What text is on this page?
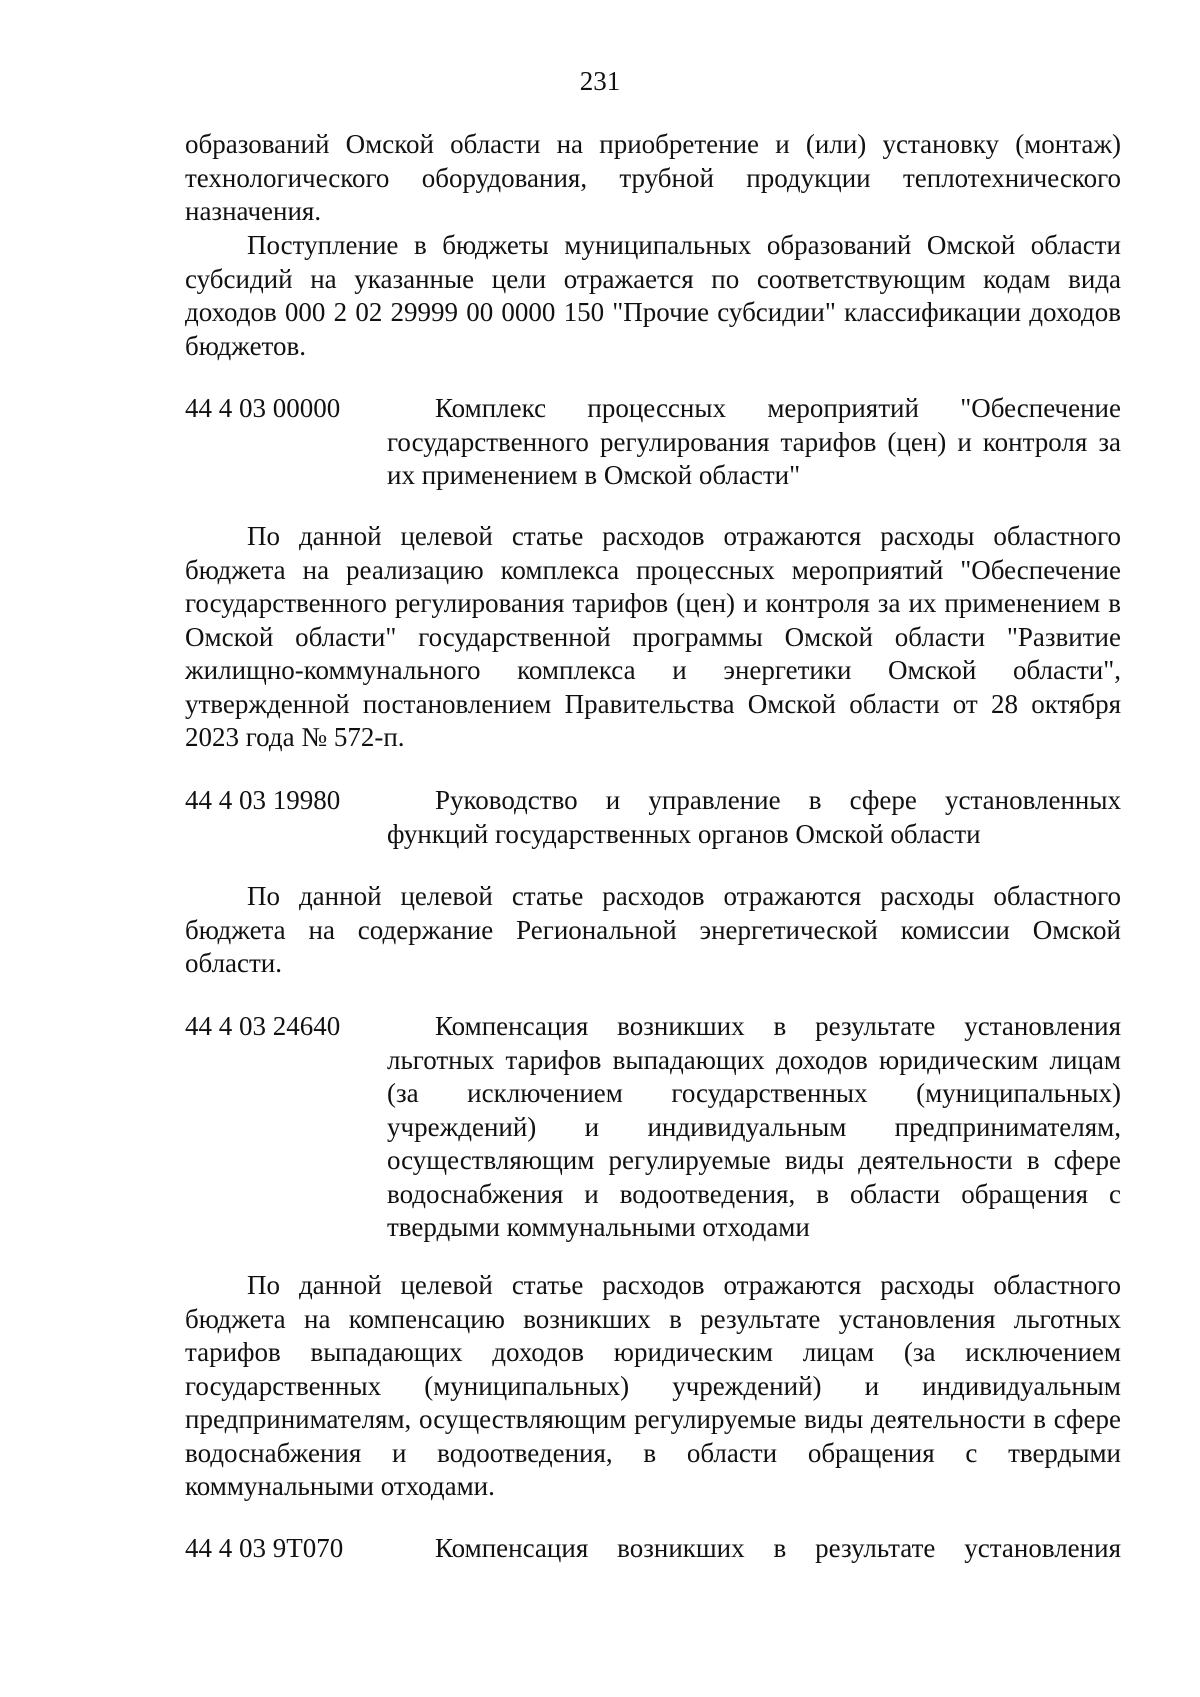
231
образований Омской области на приобретение и (или) установку (монтаж) технологического оборудования, трубной продукции теплотехнического назначения.
Поступление в бюджеты муниципальных образований Омской области субсидий на указанные цели отражается по соответствующим кодам вида доходов 000 2 02 29999 00 0000 150 "Прочие субсидии" классификации доходов бюджетов.
44 4 03 00000	Комплекс процессных мероприятий "Обеспечение государственного регулирования тарифов (цен) и контроля за их применением в Омской области"
По данной целевой статье расходов отражаются расходы областного бюджета на реализацию комплекса процессных мероприятий "Обеспечение государственного регулирования тарифов (цен) и контроля за их применением в Омской области" государственной программы Омской области "Развитие жилищно-коммунального комплекса и энергетики Омской области", утвержденной постановлением Правительства Омской области от 28 октября 2023 года № 572-п.
44 4 03 19980	Руководство и управление в сфере установленных функций государственных органов Омской области
По данной целевой статье расходов отражаются расходы областного бюджета на содержание Региональной энергетической комиссии Омской области.
44 4 03 24640	Компенсация возникших в результате установления льготных тарифов выпадающих доходов юридическим лицам (за исключением государственных (муниципальных) учреждений) и индивидуальным предпринимателям, осуществляющим регулируемые виды деятельности в сфере водоснабжения и водоотведения, в области обращения с твердыми коммунальными отходами
По данной целевой статье расходов отражаются расходы областного бюджета на компенсацию возникших в результате установления льготных тарифов выпадающих доходов юридическим лицам (за исключением государственных (муниципальных) учреждений) и индивидуальным предпринимателям, осуществляющим регулируемые виды деятельности в сфере водоснабжения и водоотведения, в области обращения с твердыми коммунальными отходами.
44 4 03 9Т070	Компенсация возникших в результате установления
